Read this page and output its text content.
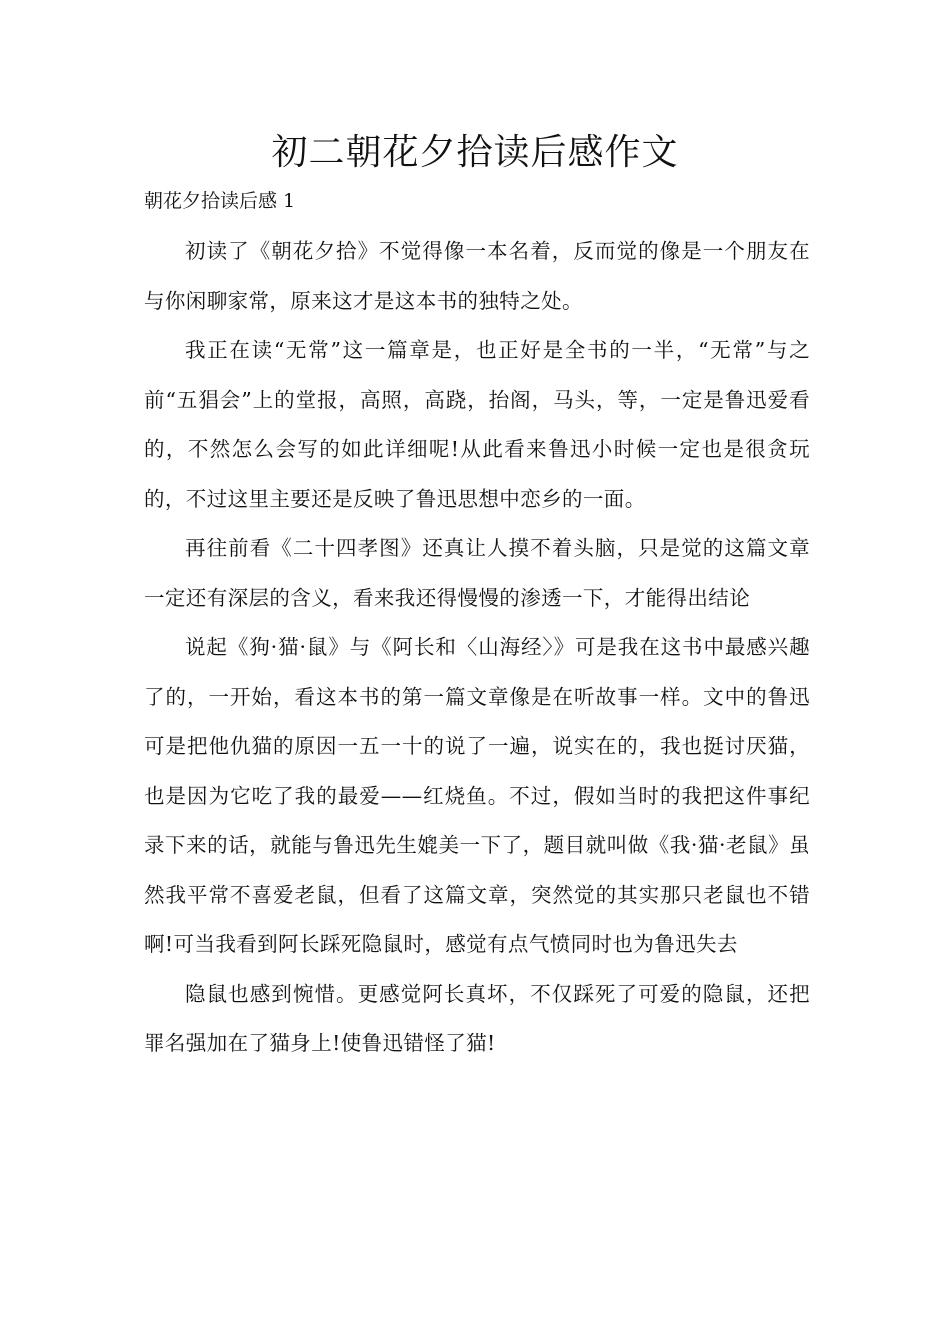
初二朝花夕拾读后感作文

朝花夕拾读后感 1

初读了《朝花夕拾》不觉得像一本名着，反而觉的像是一个朋友在与你闲聊家常，原来这才是这本书的独特之处。

我正在读“无常”这一篇章是，也正好是全书的一半，“无常”与之前“五猖会”上的堂报，高照，高跷，抬阁，马头，等，一定是鲁迅爱看的，不然怎么会写的如此详细呢!从此看来鲁迅小时候一定也是很贪玩的，不过这里主要还是反映了鲁迅思想中恋乡的一面。

再往前看《二十四孝图》还真让人摸不着头脑，只是觉的这篇文章一定还有深层的含义，看来我还得慢慢的渗透一下，才能得出结论

说起《狗·猫·鼠》与《阿长和〈山海经〉》可是我在这书中最感兴趣了的，一开始，看这本书的第一篇文章像是在听故事一样。文中的鲁迅可是把他仇猫的原因一五一十的说了一遍，说实在的，我也挺讨厌猫，也是因为它吃了我的最爱——红烧鱼。不过，假如当时的我把这件事纪录下来的话，就能与鲁迅先生媲美一下了，题目就叫做《我·猫·老鼠》虽然我平常不喜爱老鼠，但看了这篇文章，突然觉的其实那只老鼠也不错啊!可当我看到阿长踩死隐鼠时，感觉有点气愤同时也为鲁迅失去

隐鼠也感到惋惜。更感觉阿长真坏，不仅踩死了可爱的隐鼠，还把罪名强加在了猫身上!使鲁迅错怪了猫!
